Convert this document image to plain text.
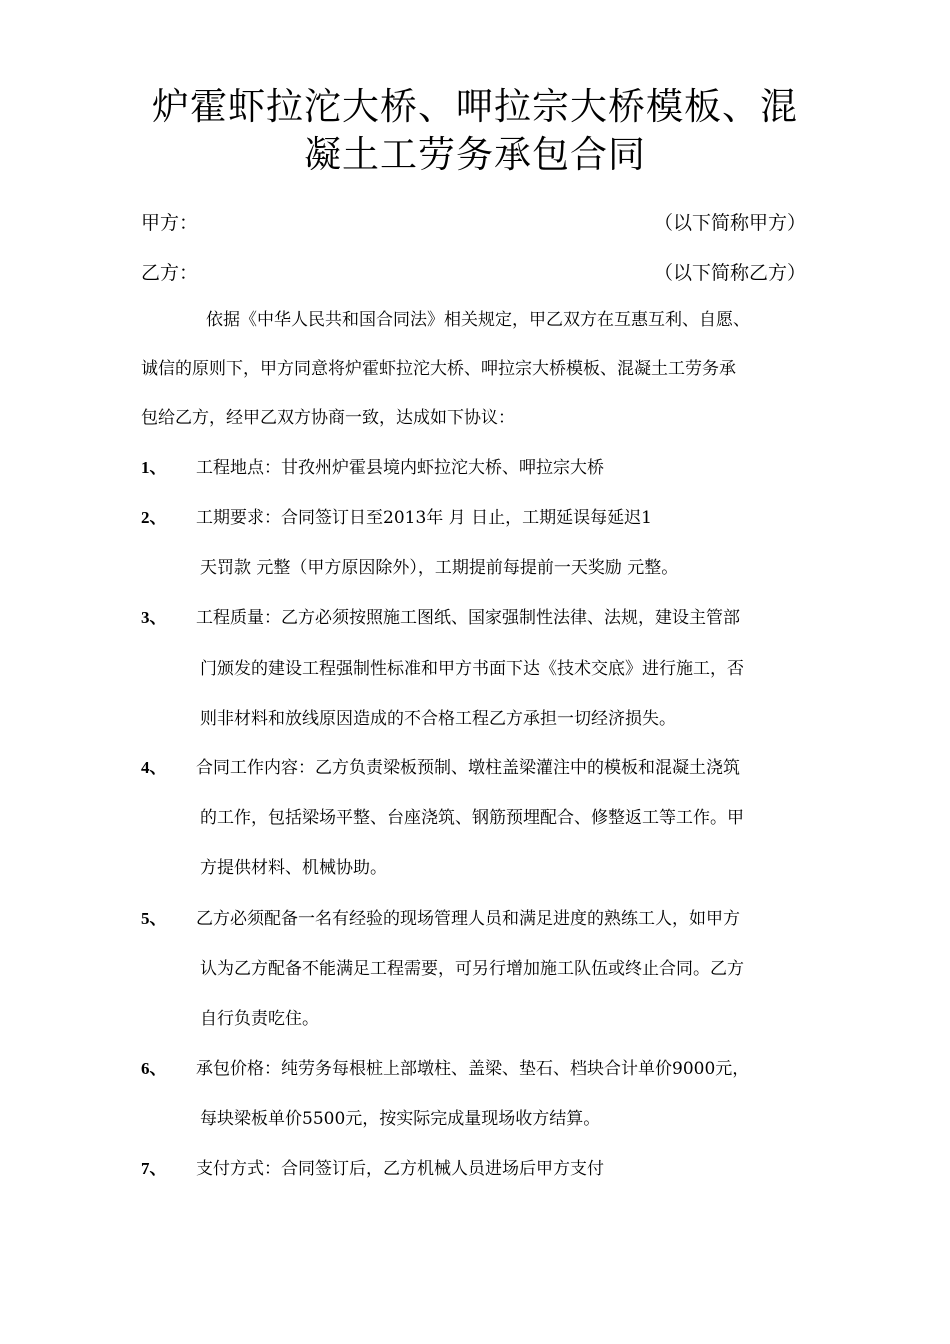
炉霍虾拉沱大桥、呷拉宗大桥模板、混
凝土工劳务承包合同
甲方：	（以下简称甲方）
乙方：	（以下简称乙方）
依据《中华人民共和国合同法》相关规定，甲乙双方在互惠互利、自愿、
诚信的原则下，甲方同意将炉霍虾拉沱大桥、呷拉宗大桥模板、混凝土工劳务承
包给乙方，经甲乙双方协商一致，达成如下协议：
1、 工程地点：甘孜州炉霍县境内虾拉沱大桥、呷拉宗大桥
2、 工期要求：合同签订日至2013年 月 日止，工期延误每延迟1
天罚款 元整（甲方原因除外），工期提前每提前一天奖励 元整。
3、 工程质量：乙方必须按照施工图纸、国家强制性法律、法规，建设主管部
门颁发的建设工程强制性标准和甲方书面下达《技术交底》进行施工，否
则非材料和放线原因造成的不合格工程乙方承担一切经济损失。
4、 合同工作内容：乙方负责梁板预制、墩柱盖梁灌注中的模板和混凝土浇筑
的工作，包括梁场平整、台座浇筑、钢筋预埋配合、修整返工等工作。甲
方提供材料、机械协助。
5、 乙方必须配备一名有经验的现场管理人员和满足进度的熟练工人，如甲方
认为乙方配备不能满足工程需要，可另行增加施工队伍或终止合同。乙方
自行负责吃住。
6、 承包价格：纯劳务每根桩上部墩柱、盖梁、垫石、档块合计单价9000元，
每块梁板单价5500元，按实际完成量现场收方结算。
7、 支付方式：合同签订后，乙方机械人员进场后甲方支付
